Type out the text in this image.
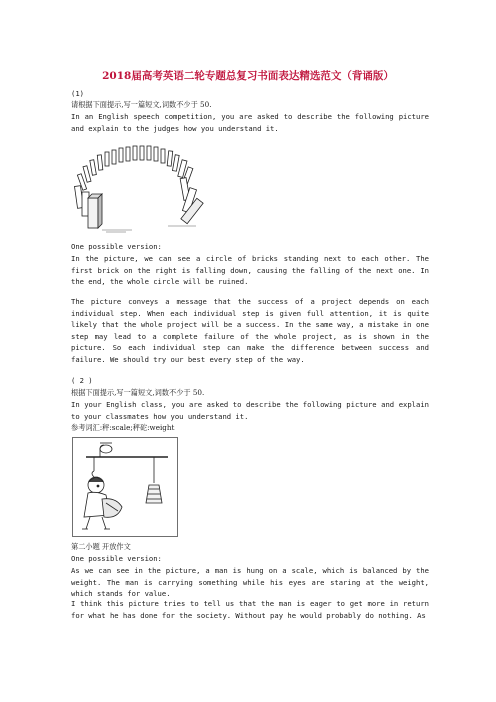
2018届高考英语二轮专题总复习书面表达精选范文（背诵版）
(1)
请根据下面提示,写一篇短文,词数不少于 50.
In an English speech competition, you are asked to describe the following picture and explain to the judges how you understand it.
One possible version:
In the picture, we can see a circle of bricks standing next to each other. The first brick on the right is falling down, causing the falling of the next one. In the end, the whole circle will be ruined.
The picture conveys a message that the success of a project depends on each individual step. When each individual step is given full attention, it is quite likely that the whole project will be a success. In the same way, a mistake in one step may lead to a complete failure of the whole project, as is shown in the picture. So each individual step can make the difference between success and failure. We should try our best every step of the way.
( 2 )
根据下面提示,写一篇短文,词数不少于 50.
In your English class, you are asked to describe the following picture and explain to your classmates how you understand it.
参考词汇:秤:scale;秤砣:weight
第二小题 开放作文
One possible version:
As we can see in the picture, a man is hung on a scale, which is balanced by the weight. The man is carrying something while his eyes are staring at the weight, which stands for value.
I think this picture tries to tell us that the man is eager to get more in return for what he has done for the society. Without pay he would probably do nothing. As
